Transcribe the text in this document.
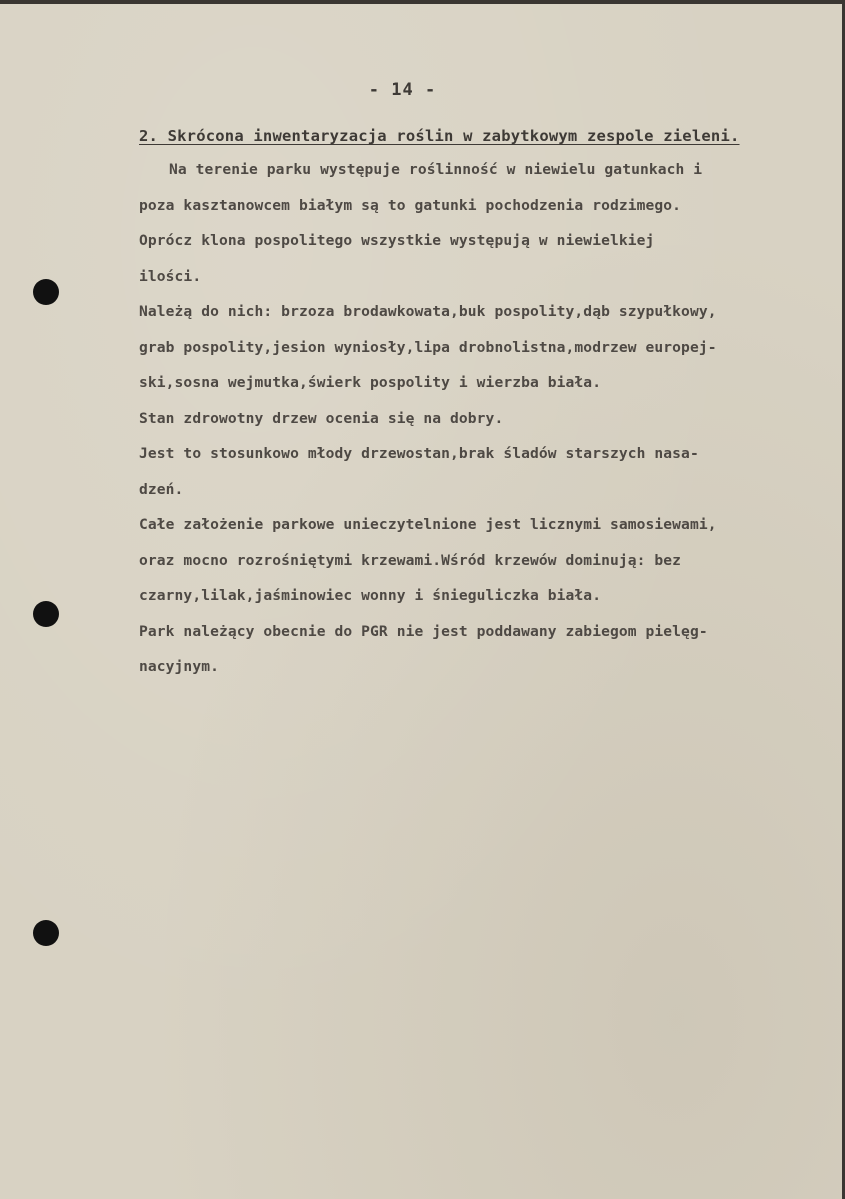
- 14 -
2. Skrócona inwentaryzacja roślin w zabytkowym zespole zieleni.
Na terenie parku występuje roślinność w niewielu gatunkach i
poza kasztanowcem białym są to gatunki pochodzenia rodzimego.
Oprócz klona pospolitego wszystkie występują w niewielkiej
ilości.
Należą do nich: brzoza brodawkowata,buk pospolity,dąb szypułkowy,
grab pospolity,jesion wyniosły,lipa drobnolistna,modrzew europej-
ski,sosna wejmutka,świerk pospolity i wierzba biała.
Stan zdrowotny drzew ocenia się na dobry.
Jest to stosunkowo młody drzewostan,brak śladów starszych nasa-
dzeń.
Całe założenie parkowe unieczytelnione jest licznymi samosiewami,
oraz mocno rozrośniętymi krzewami.Wśród krzewów dominują: bez
czarny,lilak,jaśminowiec wonny i śnieguliczka biała.
Park należący obecnie do PGR nie jest poddawany zabiegom pielęg-
nacyjnym.
